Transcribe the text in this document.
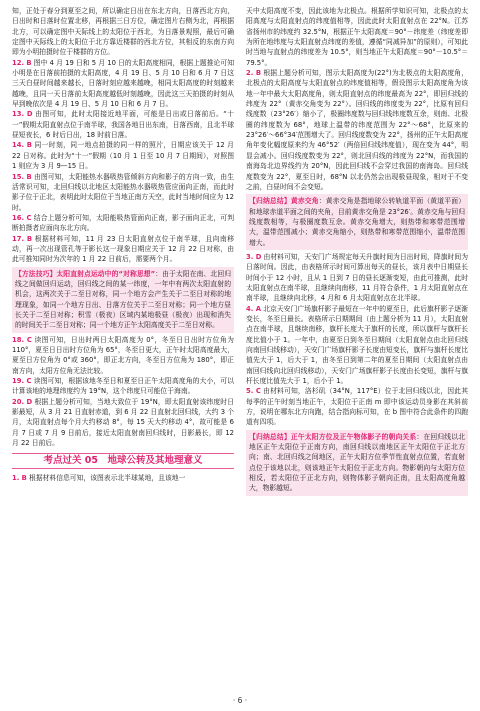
知，正处于春分到夏至之间，所以确定日出在东北方向，日落西北方向，日出时和日落时位置北移，再根据三日方位，确定图片右侧为北，再根据北方，可以确定图中天际线上的太阳位于西北，为日落景观照，最后可确定图中天际线上的太阳位于北方靠近楼群的西北方位，其相反的东南方向即为小明拍摄时位于楼群的方位。

12. B 图中 4 月 19 日和 5 月 10 日的太阳高度相同，根据上题推论可知小明是在日落前拍摄的太阳高度，4 月 19 日、5 月 10 日和 6 月 7 日这三天白昼时间越来越长，日落时刻应越来越晚，相同太阳高度的时刻越来越晚，且同一天日落前太阳高度越低时刻越晚，因此这三天拍摄的时刻从早到晚依次是 4 月 19 日、5 月 10 日和 6 月 7 日。

13. D 由图可知，此时太阳接近地平面，可能是日出或日落前后。“十一”假期太阳直射点位于南半球，我国各地日出东南，日落西南，且北半球昼短夜长，6 时后日出，18 时前日落。

14. B 同一时刻，同一地点拍摄的同一样的照片，日期应该关于 12 月 22 日对称。此时为“十一”假期（10 月 1 日至 10 月 7 日期间），对照图 1 则应为 3 月 9—15 日。

15. B 由图可知，太阳能热水器吸热管倾斜方向和影子的方向一致，由生活常识可知，北回归线以北地区太阳能热水器吸热管应面向正南，而此时影子位于正北，表明此时太阳位于当地正南方天空，此时当地时间应为 12 时。

16. C 结合上题分析可知，太阳能吸热管面向正南，影子面向正北，可判断拍摄者应面向东北方向。

17. B 根据材料可知，11 月 23 日太阳直射点位于南半球，且向南移动，再一次出现管孔等于影长这一现象日期应关于 12 月 22 日对称，由此可推知同时为次年的 1 月 22 日前后，需要两个月。

【方法技巧】太阳直射点运动中的“对称思想”：由于太阳在南、北回归线之间做回归运动，回归线之间的某一纬度，一年中有两次太阳直射的机会，这两次关于二至日对称，同一个地方会产生关于二至日对称的地理现象，如同一个地方日出、日落方位关于二至日对称；同一个地方昼长关于二至日对称；积雪（极夜）区域内某地极昼（极夜）出现和消失的时间关于二至日对称；同一个地方正午太阳高度关于二至日对称。

18. C 读图可知，日出时两日太阳高度为 0°，冬至日日出时方位角为 110°，夏至日日出时方位角为 65°，冬至日更大，正午时太阳高度最大，夏至日方位角为 0°或 360°，即正北方向，冬至日方位角为 180°，即正南方向，太阳方位角无法比较。

19. C 读图可知，根据该地冬至日和夏至日正午太阳高度角的大小，可以计算该地的地理纬度约为 19°N，这个纬度只可能位于海南。

20. D 根据上题分析可知，当地大致位于 19°N，即太阳直射该纬度时日影最短，从 3 月 21 日直射赤道，到 6 月 22 日直射北回归线，大约 3 个月，太阳直射点每个月大约移动 8°，每 15 天大约移动 4°，故可能是 6 月 7 日或 7 月 9 日前后，接近太阳直射南回归线时，日影最长，即 12 月 22 日前后。

考点过关 05　地球公转及其地理意义

1. B 根据材料信息可知，该图表示北半球某地，且该地一

天中太阳高度不变，因此该地为北极点。根据所学知识可知，北极点的太阳高度与太阳直射点的纬度值相等，因此此时太阳直射点在 22°N。江苏省扬州市的纬度约 32.5°N，根据正午太阳高度＝90°－纬度差（纬度差即为所在地纬度与太阳直射点纬度的差值，遵循“同减异加”的原则），可知此时当地与直射点的纬度差为 10.5°，则当地正午太阳高度＝90°－10.5°＝79.5°。

2. B 根据上题分析可知，图示太阳高度为(22°)为北极点的太阳高度角，北极点的太阳高度与太阳直射点的纬度值相等，假设图示太阳高度角为该地一年中最大太阳高度角，则太阳直射点的纬度最高为 22°，即回归线的纬度为 22°（黄赤交角变为 22°）。回归线的纬度变为 22°，比原有回归线度数（23°26′）缩小了，极圈纬度数与回归线纬度数互余，则南、北极圈的纬度数为 68°，地球上温带的纬度范围为 22°～68°，比原来的 23°26′～66°34′范围增大了。回归线度数变为 22°，扬州的正午太阳高度角年变化幅度原来约为 46°52′（两倍回归线纬度值），现在变为 44°，明显会减小。回归线度数变为 22°，则北回归线的纬度为 22°N，而我国的南海岛北边界线约为 20°N，因此回归线不会穿过我国的南海岛。回归线度数变为 22°，夏至日时，68°N 以北仍然会出现极昼现象，相对于不变之前，白昼时间不会变短。

【归纳总结】黄赤交角：黄赤交角是指地球公转轨道平面（黄道平面）和地球赤道平面之间的夹角，目前黄赤交角是 23°26′。黄赤交角与回归线度数相等，与极圈度数互余。黄赤交角增大，则热带和寒带范围增大，温带范围减小；黄赤交角缩小，则热带和寒带范围缩小，温带范围增大。

3. D 由材料可知，天安门广场规定每天升旗时间为日出时间，降旗时间为日落时间。因此，由表格所示时间可算出每天的昼长，该月表中日期昼长时间小于 12 小时，且从 1 日到 7 日的昼长逐渐变短，由此可推测，此时太阳直射点在南半球，且继续向南移，11 月符合条件，1 月太阳直射点在南半球，且继续向北移，4 月和 6 月太阳直射点在北半球。

4. A 北京天安门广场旗杆影子最短在一年中的夏至日，此后旗杆影子逐渐变长，冬至日最长。表格所示日期期间（由上题分析为 11 月），太阳直射点在南半球，且继续南移，旗杆长度大于旗杆的长度，所以旗杆与旗杆长度比值小于 1。一年中，由夏至日到冬至日期间（太阳直射点由北回归线向南回归线移动），天安门广场旗杆影子长度由短变长，旗杆与旗杆长度比值先大于 1，后大于 1，由冬至日到第二年的夏至日期间（太阳直射点由南回归线向北回归线移动），天安门广场旗杆影子长度由长变短，旗杆与旗杆长度比值先大于 1，后小于 1。

5. C 由材料可知，洛杉矶（34°N，117°E）位于北回归线以北，因此其每季的正午时刻当地正午，太阳位于正南 m 即中该运动员身影在其斜前方，说明在哪东北方向跑，结合指向标可知，在 b 图中符合此条件的四跑道有四项。

【归纳总结】正午太阳方位及正午物体影子的朝向关系：在回归线以北地区正午太阳位于正南方向，南回归线以南地区正午太阳位于正北方向；南、北回归线之间地区，正午太阳方位季节性直射点位置，若直射点位于该地以北，则该地正午太阳位于正北方向。物影朝向与太阳方位相反，若太阳位于正北方向，则物体影子朝向正南，且太阳高度角越大，物影越短。
· 6 ·
